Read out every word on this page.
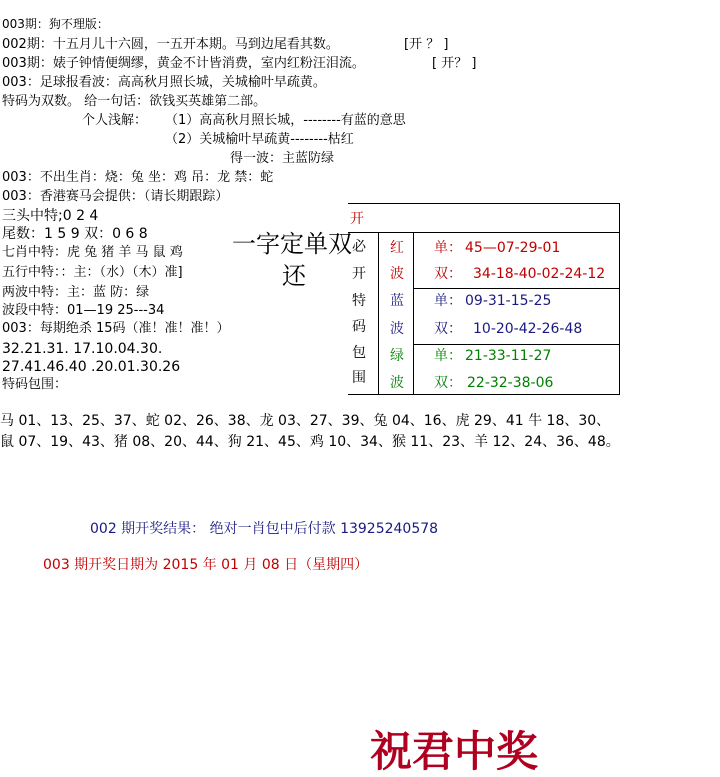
003期：狗不理版：
002期：十五月儿十六圆，一五开本期。马到边尾看其数。	[开 ？ ]
003期：婊子钟情便绸缪，黄金不计皆消费，室内红粉汪泪流。	[ 开？ ]
003：足球报看波：高高秋月照长城，关城榆叶早疏黄。
特码为双数。 给一句话：欲钱买英雄第二部。
个人浅解： （1）高高秋月照长城，--------有蓝的意思
（2）关城榆叶早疏黄--------枯红
得一波：主蓝防绿
003：不出生肖：烧：兔 坐：鸡 吊：龙 禁：蛇
003：香港赛马会提供：（请长期跟踪）
三头中特;0 2 4
尾数：1 5 9 双：0 6 8
七肖中特：虎 兔 猪 羊 马 鼠 鸡
五行中特：：主：（水）（木）准]
两波中特：主：蓝 防：绿
波段中特：01—19 25---34
003：每期绝杀 15码（准！准！准！）
32.21.31. 17.10.04.30.
27.41.46.40 .20.01.30.26
特码包围：
一字定单双
还
开
必
开
特
码
包
围
红 单： 45—07-29-01
波 双： 34-18-40-02-24-12
蓝 单： 09-31-15-25
波 双： 10-20-42-26-48
绿 单： 21-33-11-27
波 双： 22-32-38-06
马 01、13、25、37、蛇 02、26、38、龙 03、27、39、兔 04、16、虎 29、41 牛 18、30、
鼠 07、19、43、猪 08、20、44、狗 21、45、鸡 10、34、猴 11、23、羊 12、24、36、48。
002 期开奖结果： 绝对一肖包中后付款 13925240578
003 期开奖日期为 2015 年 01 月 08 日（星期四）
祝君中奖
